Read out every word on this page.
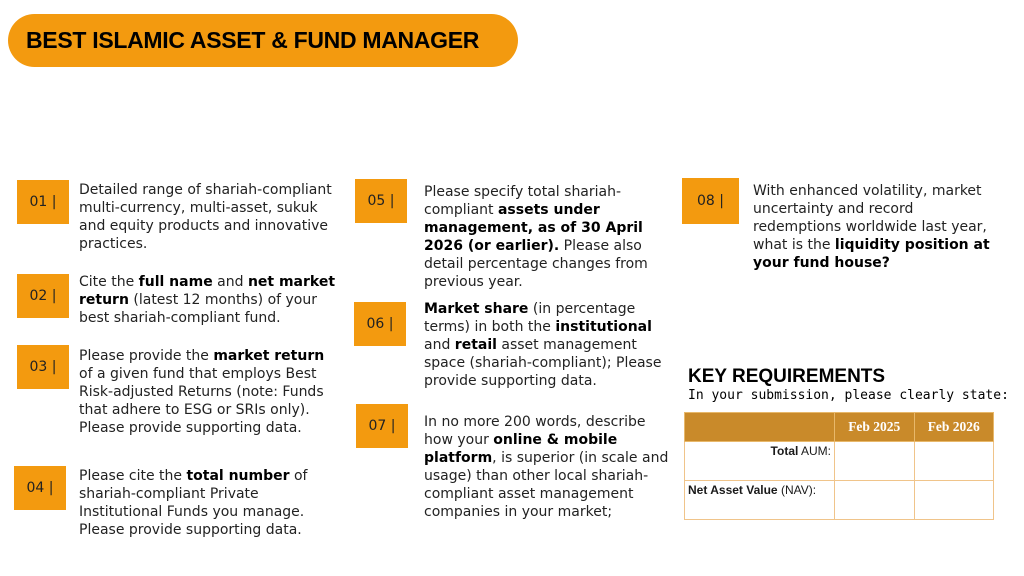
BEST ISLAMIC ASSET & FUND MANAGER
01 |
Detailed range of shariah-compliant multi-currency, multi-asset, sukuk and equity products and innovative practices.
02 |
Cite the full name and net market return (latest 12 months) of your best shariah-compliant fund.
03 |
Please provide the market return of a given fund that employs Best Risk-adjusted Returns (note: Funds that adhere to ESG or SRIs only). Please provide supporting data.
04 |
Please cite the total number of shariah-compliant Private Institutional Funds you manage. Please provide supporting data.
05 |
Please specify total shariah-compliant assets under management, as of 30 April 2026 (or earlier). Please also detail percentage changes from previous year.
06 |
Market share (in percentage terms) in both the institutional and retail asset management space (shariah-compliant); Please provide supporting data.
07 |	In no more 200 words, describe how your online & mobile platform, is superior (in scale and usage) than other local shariah-compliant asset management companies in your market;
08 |
With enhanced volatility, market uncertainty and record redemptions worldwide last year, what is the liquidity position at your fund house?
KEY REQUIREMENTS
In your submission, please clearly state:
	Feb 2025	Feb 2026
Total AUM:		
Net Asset Value (NAV):		
